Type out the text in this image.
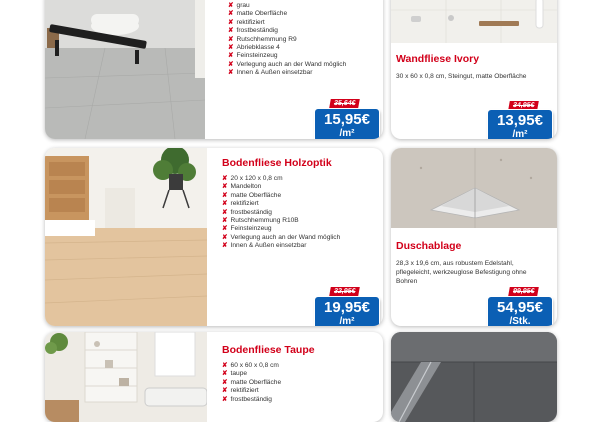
✘ grau
✘ matte Oberfläche
✘ rektifiziert
✘ frostbeständig
✘ Rutschhemmung R9
✘ Abriebklasse 4
✘ Feinsteinzeug
✘ Verlegung auch an der Wand möglich
✘ Innen & Außen einsetzbar
35,64€
15,95€
/m²
Wandfliese Ivory
30 x 60 x 0,8 cm, Steingut, matte Oberfläche
34,95€
13,95€
/m²
Bodenfliese Holzoptik
✘ 20 x 120 x 0,8 cm
✘ Mandelton
✘ matte Oberfläche
✘ rektifiziert
✘ frostbeständig
✘ Rutschhemmung R10B
✘ Feinsteinzeug
✘ Verlegung auch an der Wand möglich
✘ Innen & Außen einsetzbar
32,95€
19,95€
/m²
Duschablage
28,3 x 19,6 cm, aus robustem Edelstahl, pflegeleicht, werkzeuglose Befestigung ohne Bohren
99,95€
54,95€
/Stk.
Bodenfliese Taupe
✘ 60 x 60 x 0,8 cm
✘ taupe
✘ matte Oberfläche
✘ rektifiziert
✘ frostbeständig
